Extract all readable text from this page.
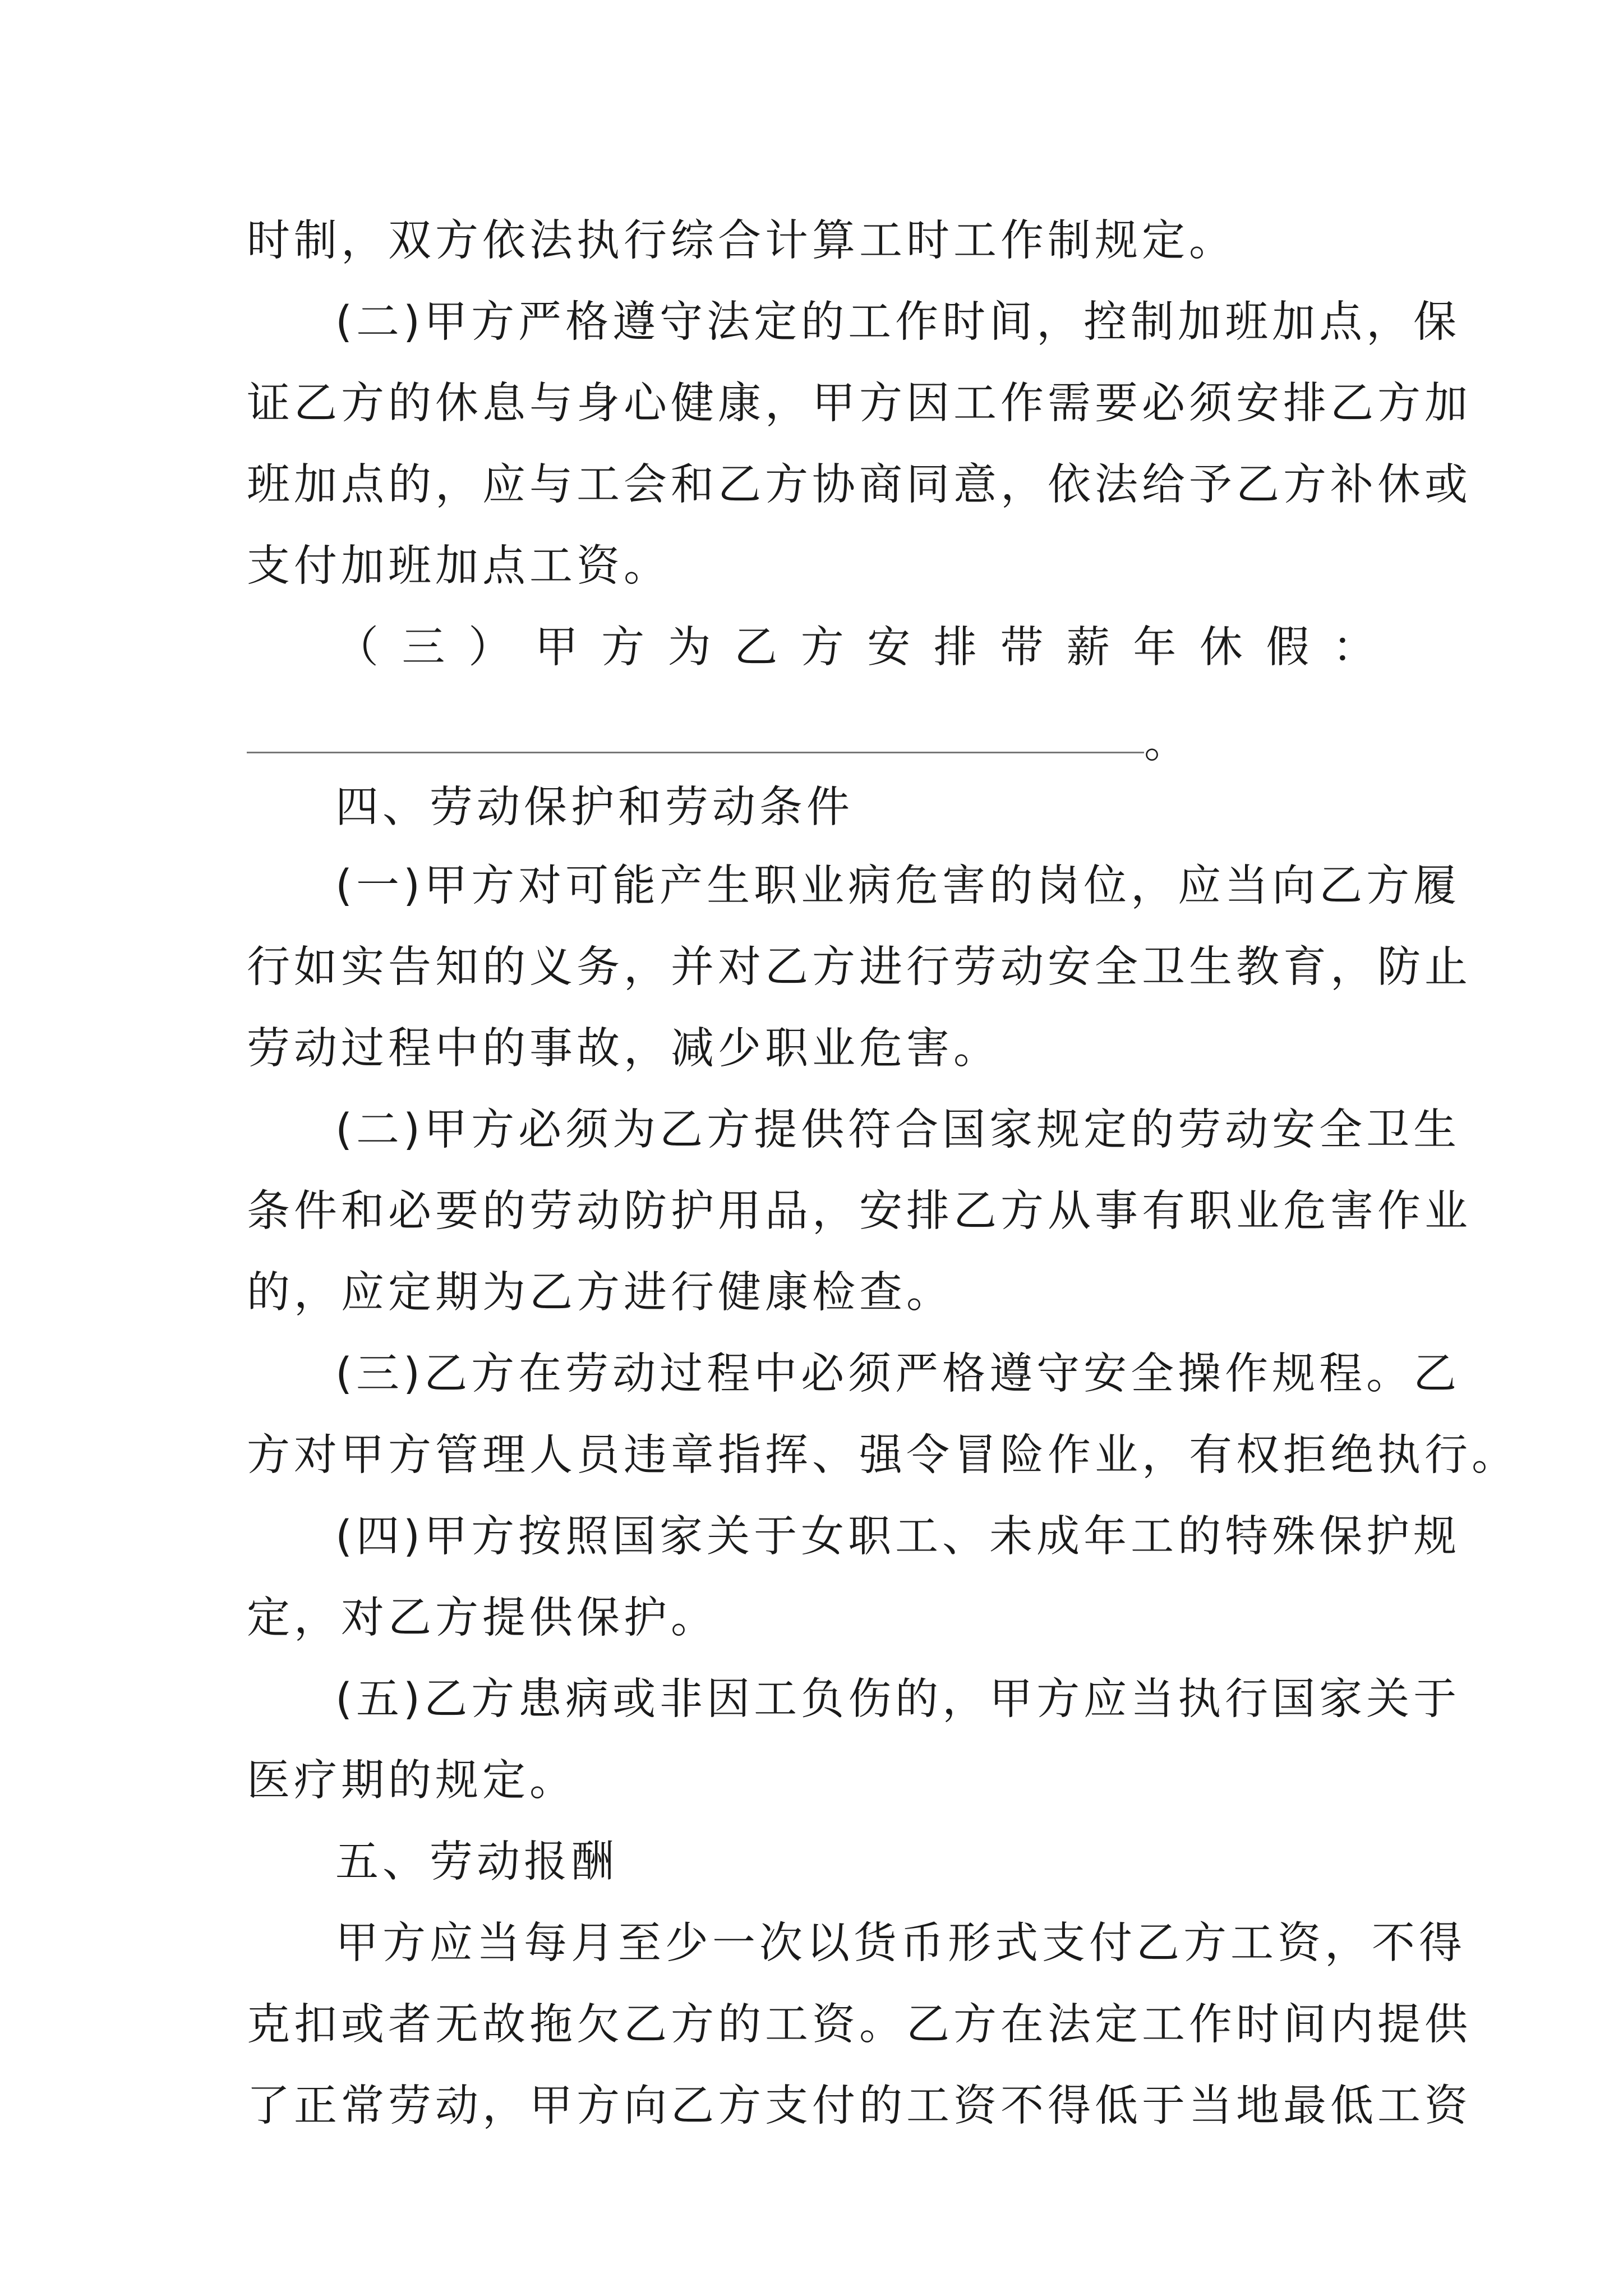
时制，双方依法执行综合计算工时工作制规定。
(二)甲方严格遵守法定的工作时间，控制加班加点，保
证乙方的休息与身心健康，甲方因工作需要必须安排乙方加
班加点的，应与工会和乙方协商同意，依法给予乙方补休或
支付加班加点工资。
（三）甲方为乙方安排带薪年休假：
。
四、劳动保护和劳动条件
(一)甲方对可能产生职业病危害的岗位，应当向乙方履
行如实告知的义务，并对乙方进行劳动安全卫生教育，防止
劳动过程中的事故，减少职业危害。
(二)甲方必须为乙方提供符合国家规定的劳动安全卫生
条件和必要的劳动防护用品，安排乙方从事有职业危害作业
的，应定期为乙方进行健康检查。
(三)乙方在劳动过程中必须严格遵守安全操作规程。乙
方对甲方管理人员违章指挥、强令冒险作业，有权拒绝执行。
(四)甲方按照国家关于女职工、未成年工的特殊保护规
定，对乙方提供保护。
(五)乙方患病或非因工负伤的，甲方应当执行国家关于
医疗期的规定。
五、劳动报酬
甲方应当每月至少一次以货币形式支付乙方工资，不得
克扣或者无故拖欠乙方的工资。乙方在法定工作时间内提供
了正常劳动，甲方向乙方支付的工资不得低于当地最低工资
